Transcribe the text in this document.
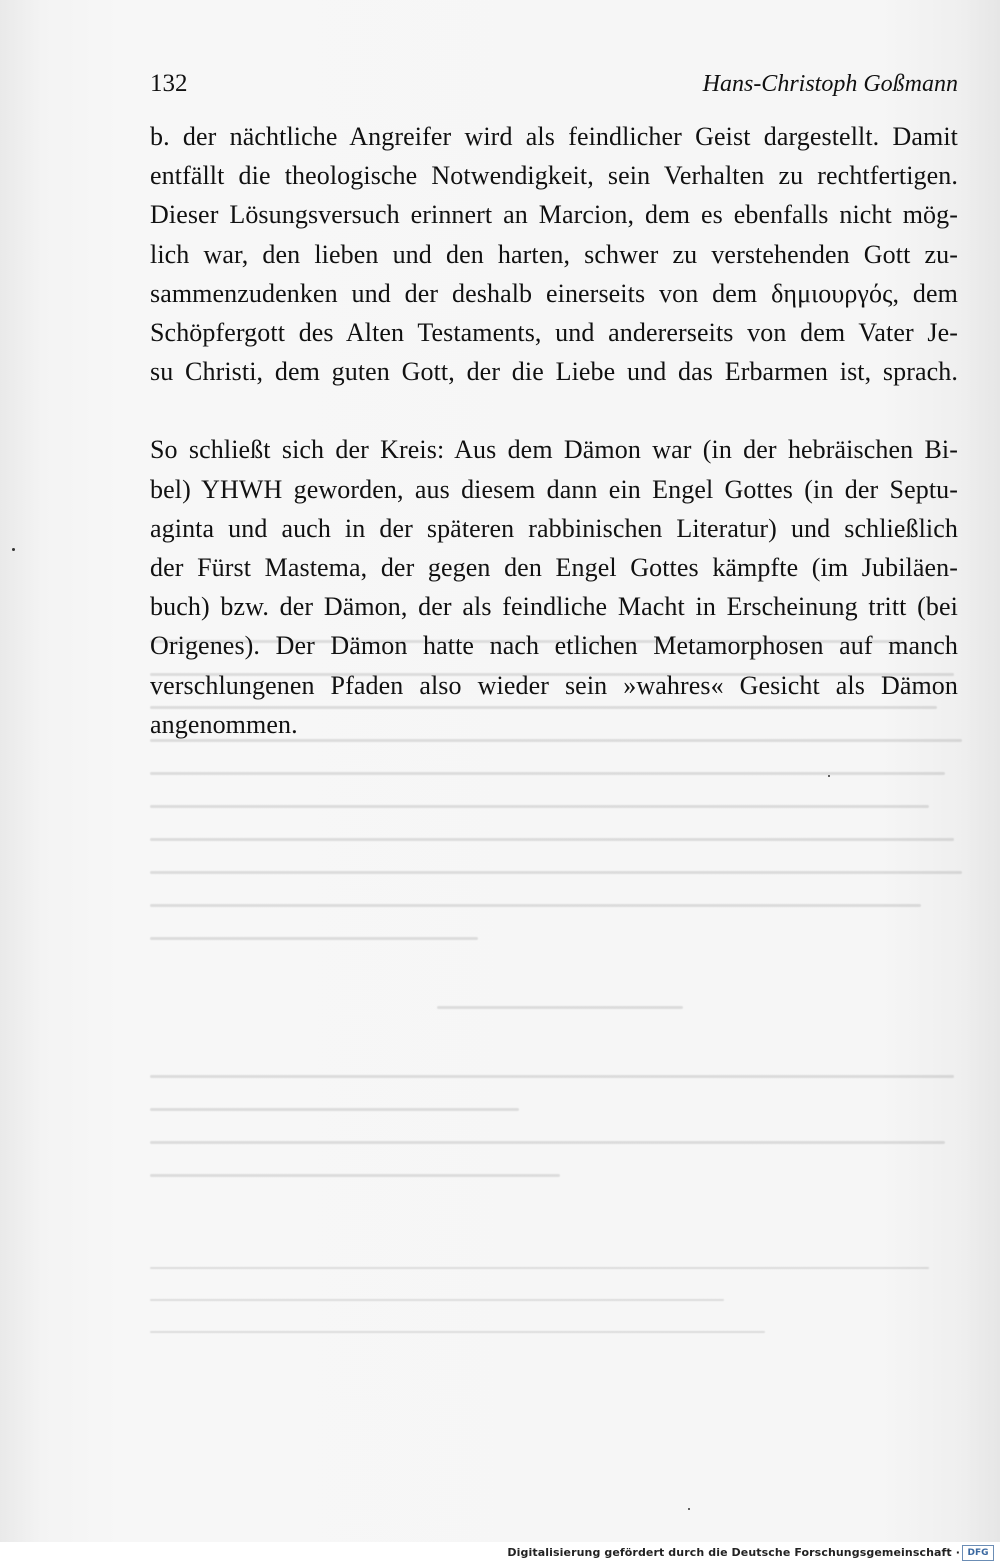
132	Hans-Christoph Goßmann
b. der nächtliche Angreifer wird als feindlicher Geist dargestellt. Damit
entfällt die theologische Notwendigkeit, sein Verhalten zu rechtfertigen.
Dieser Lösungsversuch erinnert an Marcion, dem es ebenfalls nicht mög-
lich war, den lieben und den harten, schwer zu verstehenden Gott zu-
sammenzudenken und der deshalb einerseits von dem δημιουργός, dem
Schöpfergott des Alten Testaments, und andererseits von dem Vater Je-
su Christi, dem guten Gott, der die Liebe und das Erbarmen ist, sprach.
So schließt sich der Kreis: Aus dem Dämon war (in der hebräischen Bi-
bel) YHWH geworden, aus diesem dann ein Engel Gottes (in der Septu-
aginta und auch in der späteren rabbinischen Literatur) und schließlich
der Fürst Mastema, der gegen den Engel Gottes kämpfte (im Jubiläen-
buch) bzw. der Dämon, der als feindliche Macht in Erscheinung tritt (bei
Origenes). Der Dämon hatte nach etlichen Metamorphosen auf manch
verschlungenen Pfaden also wieder sein »wahres« Gesicht als Dämon
angenommen.
Digitalisierung gefördert durch die Deutsche Forschungsgemeinschaft · DFG
